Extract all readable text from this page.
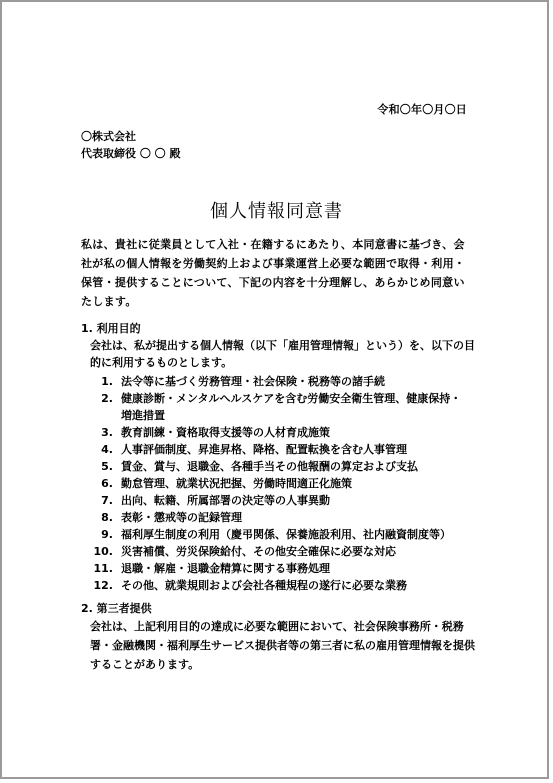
令和〇年〇月〇日
〇株式会社
代表取締役 〇 〇 殿
個人情報同意書
私は、貴社に従業員として入社・在籍するにあたり、本同意書に基づき、会社が私の個人情報を労働契約上および事業運営上必要な範囲で取得・利用・保管・提供することについて、下記の内容を十分理解し、あらかじめ同意いたします。
1. 利用目的
会社は、私が提出する個人情報（以下「雇用管理情報」という）を、以下の目的に利用するものとします。
1. 法令等に基づく労務管理・社会保険・税務等の諸手続
2. 健康診断・メンタルヘルスケアを含む労働安全衛生管理、健康保持・増進措置
3. 教育訓練・資格取得支援等の人材育成施策
4. 人事評価制度、昇進昇格、降格、配置転換を含む人事管理
5. 賃金、賞与、退職金、各種手当その他報酬の算定および支払
6. 勤怠管理、就業状況把握、労働時間適正化施策
7. 出向、転籍、所属部署の決定等の人事異動
8. 表彰・懲戒等の記録管理
9. 福利厚生制度の利用（慶弔関係、保養施設利用、社内融資制度等）
10. 災害補償、労災保険給付、その他安全確保に必要な対応
11. 退職・解雇・退職金精算に関する事務処理
12. その他、就業規則および会社各種規程の遂行に必要な業務
2. 第三者提供
会社は、上記利用目的の達成に必要な範囲において、社会保険事務所・税務署・金融機関・福利厚生サービス提供者等の第三者に私の雇用管理情報を提供することがあります。
